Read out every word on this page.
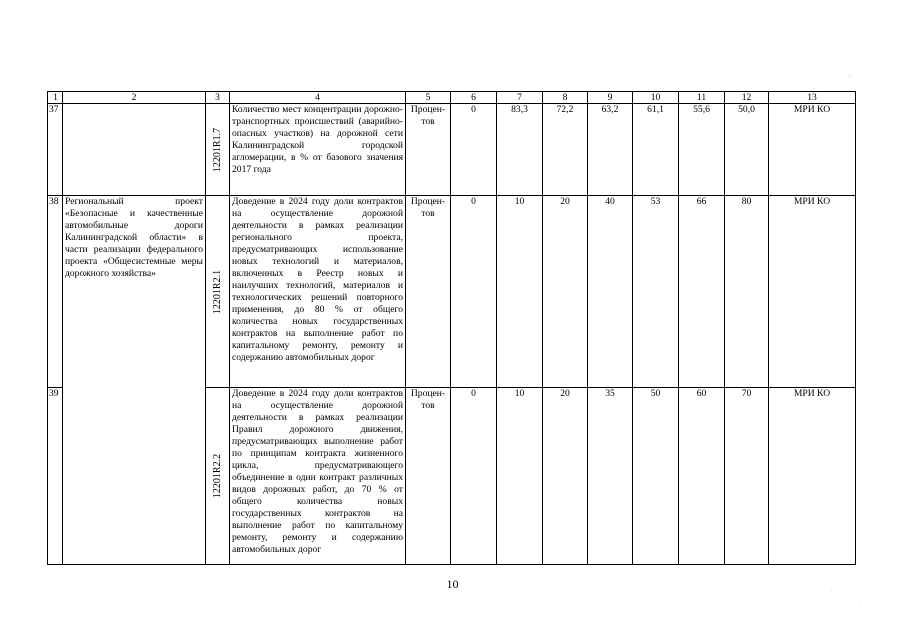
1	2	3	4	5	6	7	8	9	10	11	12	13
37		12201R1.7	Количество мест концентрации дорожно-транспортных происшествий (аварийно-опасных участков) на дорожной сети Калининградской городской агломерации, в % от базового значения 2017 года	Процен-тов	0	83,3	72,2	63,2	61,1	55,6	50,0	МРИ КО
38	Региональный проект «Безопасные и качественные автомобильные дороги Калининградской области» в части реализации федерального проекта «Общесистемные меры дорожного хозяйства»	12201R2.1	Доведение в 2024 году доли контрактов на осуществление дорожной деятельности в рамках реализации регионального проекта, предусматривающих использование новых технологий и материалов, включенных в Реестр новых и наилучших технологий, материалов и технологических решений повторного применения, до 80 % от общего количества новых государственных контрактов на выполнение работ по капитальному ремонту, ремонту и содержанию автомобильных дорог	Процен-тов	0	10	20	40	53	66	80	МРИ КО
39		12201R2.2	Доведение в 2024 году доли контрактов на осуществление дорожной деятельности в рамках реализации Правил дорожного движения, предусматривающих выполнение работ по принципам контракта жизненного цикла, предусматривающего объединение в один контракт различных видов дорожных работ, до 70 % от общего количества новых государственных контрактов на выполнение работ по капитальному ремонту, ремонту и содержанию автомобильных дорог	Процен-тов	0	10	20	35	50	60	70	МРИ КО
10
·
·
·
